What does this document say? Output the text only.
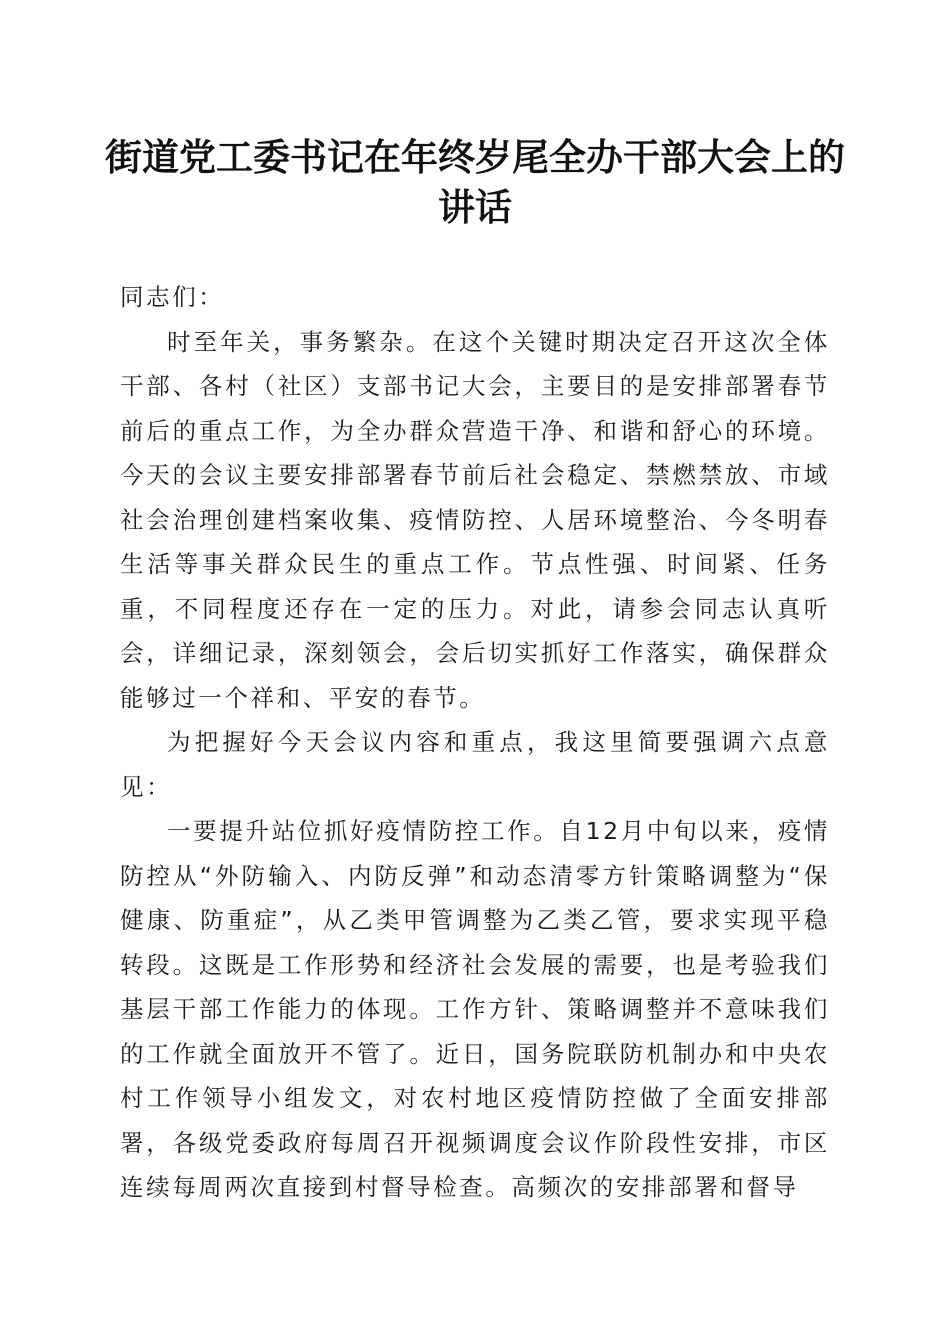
街道党工委书记在年终岁尾全办干部大会上的
讲话

同志们：

时至年关，事务繁杂。在这个关键时期决定召开这次全体干部、各村（社区）支部书记大会，主要目的是安排部署春节前后的重点工作，为全办群众营造干净、和谐和舒心的环境。今天的会议主要安排部署春节前后社会稳定、禁燃禁放、市域社会治理创建档案收集、疫情防控、人居环境整治、今冬明春生活等事关群众民生的重点工作。节点性强、时间紧、任务重，不同程度还存在一定的压力。对此，请参会同志认真听会，详细记录，深刻领会，会后切实抓好工作落实，确保群众能够过一个祥和、平安的春节。

为把握好今天会议内容和重点，我这里简要强调六点意见：

一要提升站位抓好疫情防控工作。自12月中旬以来，疫情防控从“外防输入、内防反弹”和动态清零方针策略调整为“保健康、防重症”，从乙类甲管调整为乙类乙管，要求实现平稳转段。这既是工作形势和经济社会发展的需要，也是考验我们基层干部工作能力的体现。工作方针、策略调整并不意味我们的工作就全面放开不管了。近日，国务院联防机制办和中央农村工作领导小组发文，对农村地区疫情防控做了全面安排部署，各级党委政府每周召开视频调度会议作阶段性安排，市区连续每周两次直接到村督导检查。高频次的安排部署和督导
